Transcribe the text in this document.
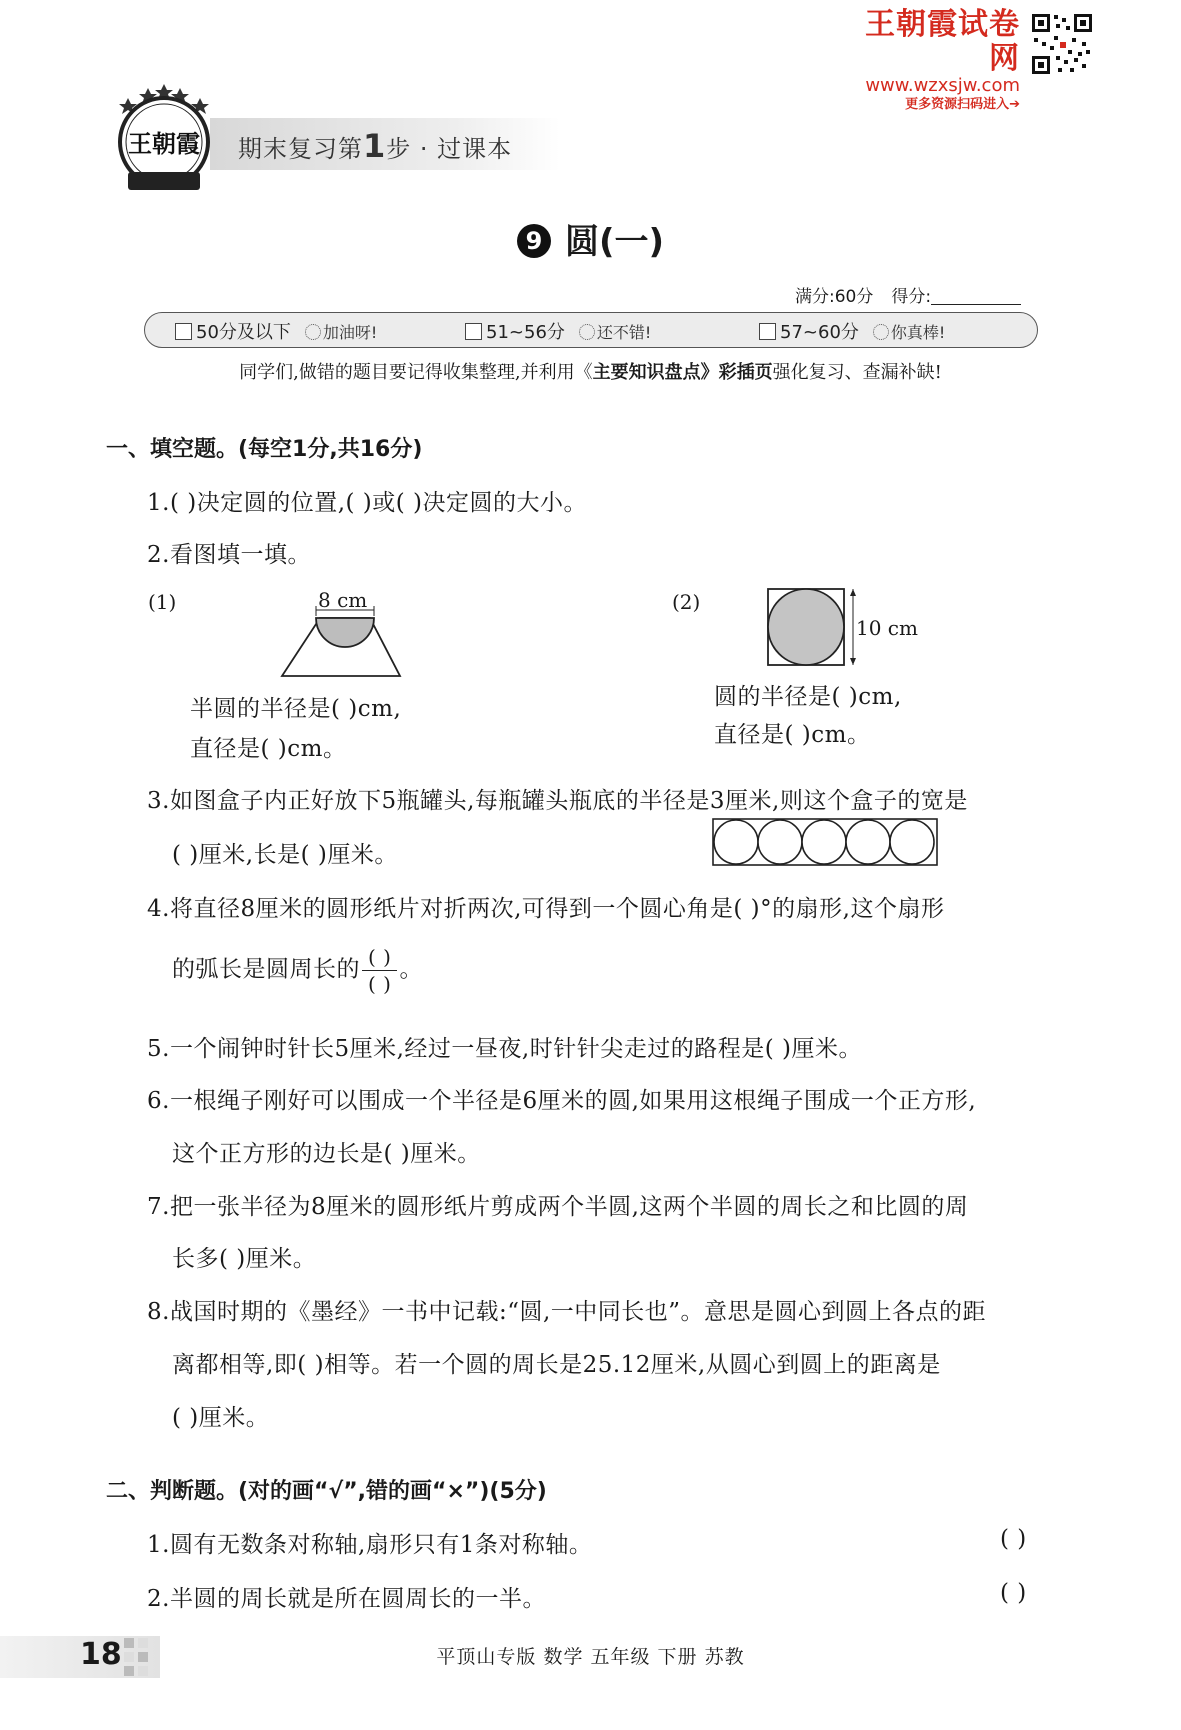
王朝霞试卷网
www.wzxsjw.com
更多资源扫码进入➔
王朝霞 期末复习第1步 · 过课本
9 圆(一)
满分:60分 得分:
50分及以下 加油呀!	51~56分 还不错!	57~60分 你真棒!
同学们,做错的题目要记得收集整理,并利用《主要知识盘点》彩插页强化复习、查漏补缺!
一、填空题。(每空1分,共16分)
1.( )决定圆的位置,( )或( )决定圆的大小。
2.看图填一填。
(1)	8 cm
半圆的半径是( )cm,
直径是( )cm。
(2)
10 cm
圆的半径是( )cm,
直径是( )cm。
3.如图盒子内正好放下5瓶罐头,每瓶罐头瓶底的半径是3厘米,则这个盒子的宽是
( )厘米,长是( )厘米。
4.将直径8厘米的圆形纸片对折两次,可得到一个圆心角是( )°的扇形,这个扇形
的弧长是圆周长的 $\frac{( )}{( )}$ 。
5.一个闹钟时针长5厘米,经过一昼夜,时针针尖走过的路程是( )厘米。
6.一根绳子刚好可以围成一个半径是6厘米的圆,如果用这根绳子围成一个正方形,
这个正方形的边长是( )厘米。
7.把一张半径为8厘米的圆形纸片剪成两个半圆,这两个半圆的周长之和比圆的周
长多( )厘米。
8.战国时期的《墨经》一书中记载:“圆,一中同长也”。意思是圆心到圆上各点的距
离都相等,即( )相等。若一个圆的周长是25.12厘米,从圆心到圆上的距离是
( )厘米。
二、判断题。(对的画“√”,错的画“×”)(5分)
1.圆有无数条对称轴,扇形只有1条对称轴。	( )
2.半圆的周长就是所在圆周长的一半。	( )
18	平顶山专版 数学 五年级 下册 苏教
